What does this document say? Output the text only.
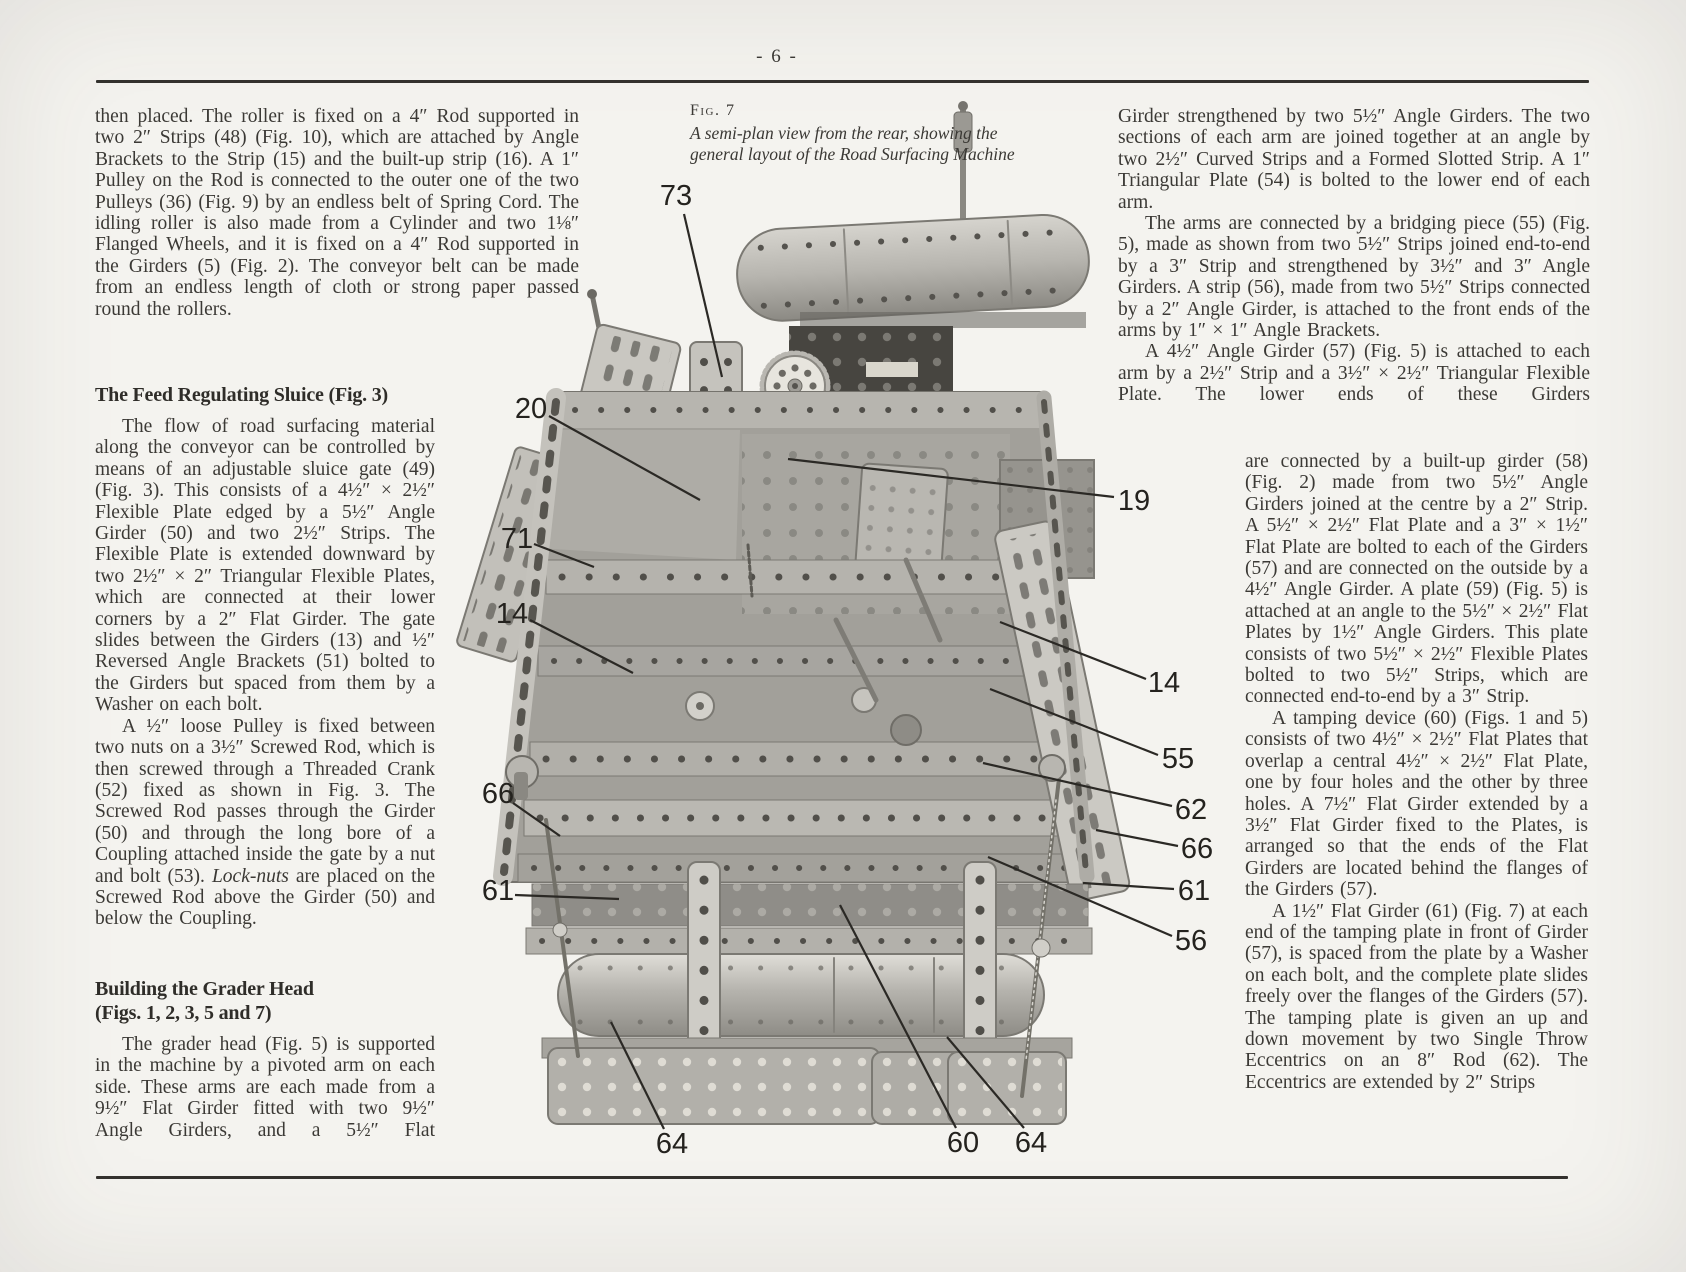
- 6 -

then placed. The roller is fixed on a 4″ Rod supported in two 2″ Strips (48) (Fig. 10), which are attached by Angle Brackets to the Strip (15) and the built-up strip (16). A 1″ Pulley on the Rod is connected to the outer one of the two Pulleys (36) (Fig. 9) by an endless belt of Spring Cord. The idling roller is also made from a Cylinder and two 1⅛″ Flanged Wheels, and it is fixed on a 4″ Rod supported in the Girders (5) (Fig. 2). The conveyor belt can be made from an endless length of cloth or strong paper passed round the rollers.

The Feed Regulating Sluice (Fig. 3)

The flow of road surfacing material along the conveyor can be controlled by means of an adjustable sluice gate (49) (Fig. 3). This consists of a 4½″ × 2½″ Flexible Plate edged by a 5½″ Angle Girder (50) and two 2½″ Strips. The Flexible Plate is extended downward by two 2½″ × 2″ Triangular Flexible Plates, which are connected at their lower corners by a 2″ Flat Girder. The gate slides between the Girders (13) and ½″ Reversed Angle Brackets (51) bolted to the Girders but spaced from them by a Washer on each bolt.

A ½″ loose Pulley is fixed between two nuts on a 3½″ Screwed Rod, which is then screwed through a Threaded Crank (52) fixed as shown in Fig. 3. The Screwed Rod passes through the Girder (50) and through the long bore of a Coupling attached inside the gate by a nut and bolt (53). Lock-nuts are placed on the Screwed Rod above the Girder (50) and below the Coupling.

Building the Grader Head
(Figs. 1, 2, 3, 5 and 7)

The grader head (Fig. 5) is supported in the machine by a pivoted arm on each side. These arms are each made from a 9½″ Flat Girder fitted with two 9½″ Angle Girders, and a 5½″ Flat

Fig. 7
A semi-plan view from the rear, showing the general layout of the Road Surfacing Machine

Girder strengthened by two 5½″ Angle Girders. The two sections of each arm are joined together at an angle by two 2½″ Curved Strips and a Formed Slotted Strip. A 1″ Triangular Plate (54) is bolted to the lower end of each arm.

The arms are connected by a bridging piece (55) (Fig. 5), made as shown from two 5½″ Strips joined end-to-end by a 3″ Strip and strengthened by 3½″ and 3″ Angle Girders. A strip (56), made from two 5½″ Strips connected by a 2″ Angle Girder, is attached to the front ends of the arms by 1″ × 1″ Angle Brackets.

A 4½″ Angle Girder (57) (Fig. 5) is attached to each arm by a 2½″ Strip and a 3½″ × 2½″ Triangular Flexible Plate. The lower ends of these Girders

are connected by a built-up girder (58) (Fig. 2) made from two 5½″ Angle Girders joined at the centre by a 2″ Strip. A 5½″ × 2½″ Flat Plate and a 3″ × 1½″ Flat Plate are bolted to each of the Girders (57) and are connected on the outside by a 4½″ Angle Girder. A plate (59) (Fig. 5) is attached at an angle to the 5½″ × 2½″ Flat Plates by 1½″ Angle Girders. This plate consists of two 5½″ × 2½″ Flexible Plates bolted to two 5½″ Strips, which are connected end-to-end by a 3″ Strip.

A tamping device (60) (Figs. 1 and 5) consists of two 4½″ × 2½″ Flat Plates that overlap a central 4½″ × 2½″ Flat Plate, one by four holes and the other by three holes. A 7½″ Flat Girder extended by a 3½″ Flat Girder fixed to the Plates, is arranged so that the ends of the Flat Girders are located behind the flanges of the Girders (57).

A 1½″ Flat Girder (61) (Fig. 7) at each end of the tamping plate in front of Girder (57), is spaced from the plate by a Washer on each bolt, and the complete plate slides freely over the flanges of the Girders (57). The tamping plate is given an up and down movement by two Single Throw Eccentrics on an 8″ Rod (62). The Eccentrics are extended by 2″ Strips

73
20
71
14
66
61
19
14
55
62
66
61
56
64	60 64
